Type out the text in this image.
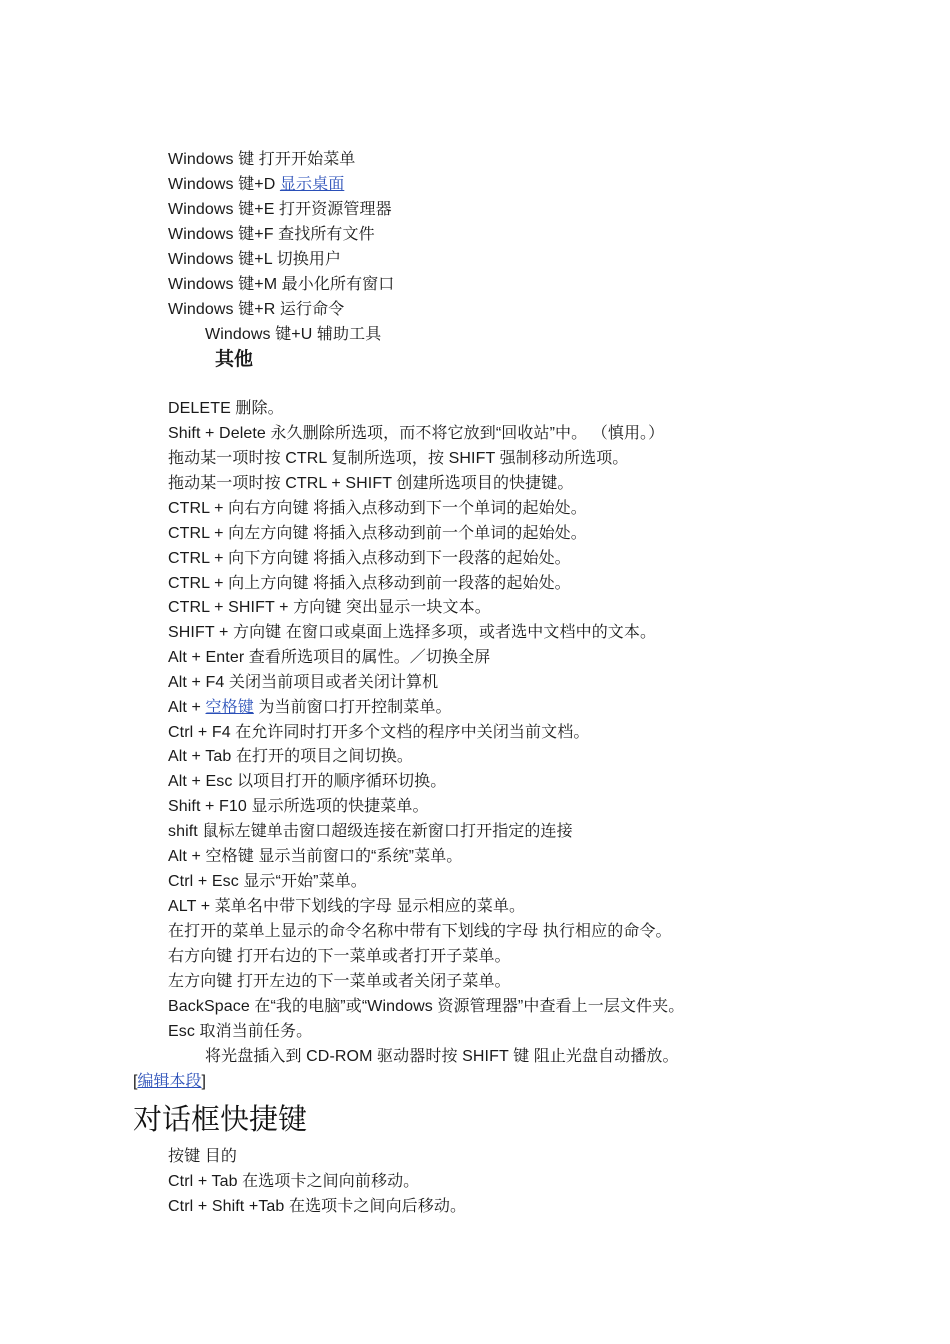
Windows 键 打开开始菜单
Windows 键+D 显示桌面
Windows 键+E 打开资源管理器
Windows 键+F 查找所有文件
Windows 键+L 切换用户
Windows 键+M 最小化所有窗口
Windows 键+R 运行命令
Windows 键+U 辅助工具
其他
DELETE 删除。
Shift + Delete 永久删除所选项，而不将它放到“回收站”中。 （慎用。）
拖动某一项时按 CTRL 复制所选项，按 SHIFT 强制移动所选项。
拖动某一项时按 CTRL + SHIFT 创建所选项目的快捷键。
CTRL + 向右方向键 将插入点移动到下一个单词的起始处。
CTRL + 向左方向键 将插入点移动到前一个单词的起始处。
CTRL + 向下方向键 将插入点移动到下一段落的起始处。
CTRL + 向上方向键 将插入点移动到前一段落的起始处。
CTRL + SHIFT + 方向键 突出显示一块文本。
SHIFT + 方向键 在窗口或桌面上选择多项，或者选中文档中的文本。
Alt + Enter 查看所选项目的属性。／切换全屏
Alt + F4 关闭当前项目或者关闭计算机
Alt + 空格键 为当前窗口打开控制菜单。
Ctrl + F4 在允许同时打开多个文档的程序中关闭当前文档。
Alt + Tab 在打开的项目之间切换。
Alt + Esc 以项目打开的顺序循环切换。
Shift + F10 显示所选项的快捷菜单。
shift 鼠标左键单击窗口超级连接在新窗口打开指定的连接
Alt + 空格键 显示当前窗口的“系统”菜单。
Ctrl + Esc 显示“开始”菜单。
ALT + 菜单名中带下划线的字母 显示相应的菜单。
在打开的菜单上显示的命令名称中带有下划线的字母 执行相应的命令。
右方向键 打开右边的下一菜单或者打开子菜单。
左方向键 打开左边的下一菜单或者关闭子菜单。
BackSpace 在“我的电脑”或“Windows 资源管理器”中查看上一层文件夹。
Esc 取消当前任务。
将光盘插入到 CD-ROM 驱动器时按 SHIFT 键 阻止光盘自动播放。
[编辑本段]
对话框快捷键
按键 目的
Ctrl + Tab 在选项卡之间向前移动。
Ctrl + Shift +Tab 在选项卡之间向后移动。
